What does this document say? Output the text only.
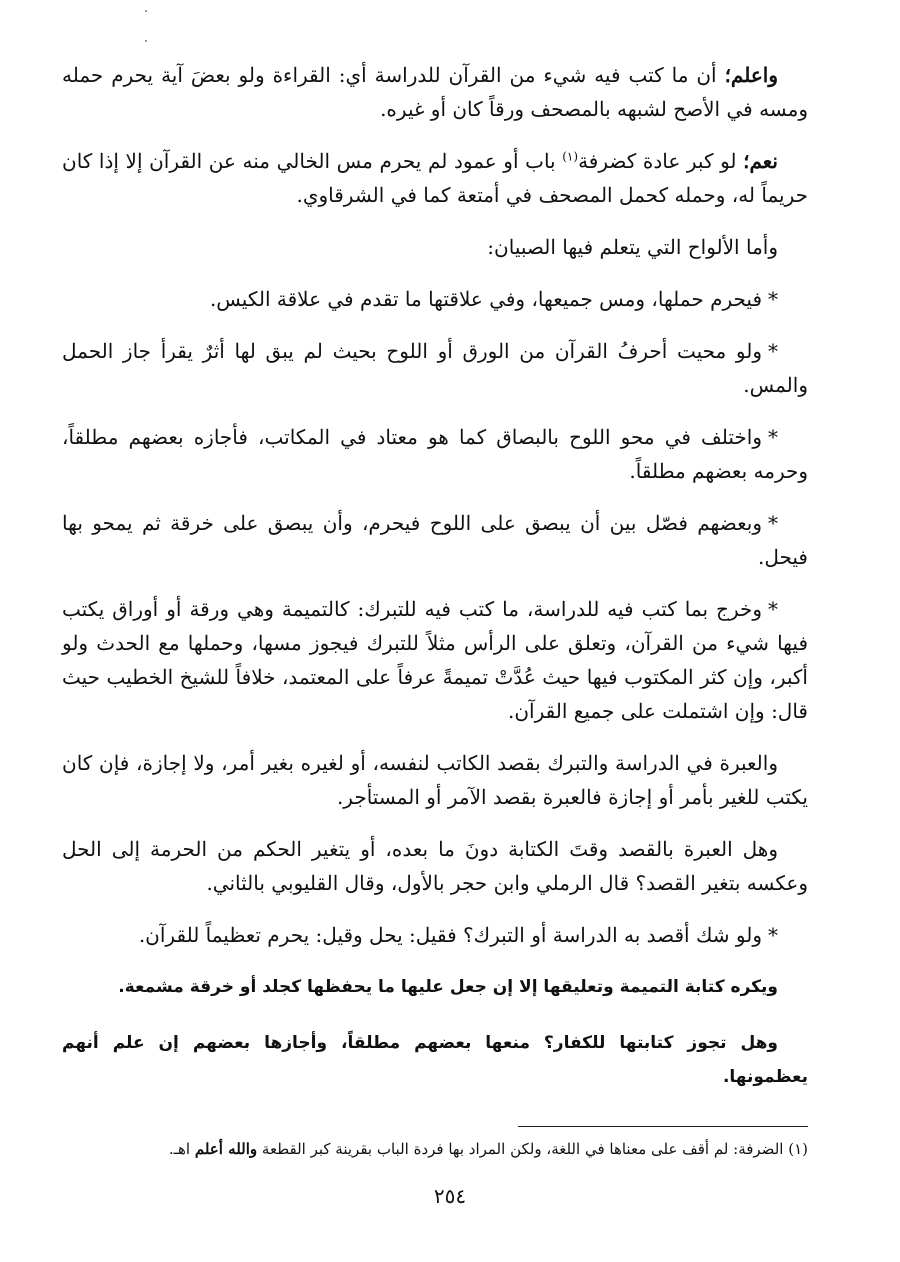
واعلم؛ أن ما كتب فيه شيء من القرآن للدراسة أي: القراءة ولو بعضَ آية يحرم حمله ومسه في الأصح لشبهه بالمصحف ورقاً كان أو غيره.

نعم؛ لو كبر عادة كضرفة$^{(١)}$ باب أو عمود لم يحرم مس الخالي منه عن القرآن إلا إذا كان حريماً له، وحمله كحمل المصحف في أمتعة كما في الشرقاوي.

وأما الألواح التي يتعلم فيها الصبيان:

*فيحرم حملها، ومس جميعها، وفي علاقتها ما تقدم في علاقة الكيس.

*ولو محيت أحرفُ القرآن من الورق أو اللوح بحيث لم يبق لها أثرٌ يقرأ جاز الحمل والمس.

*واختلف في محو اللوح بالبصاق كما هو معتاد في المكاتب، فأجازه بعضهم مطلقاً، وحرمه بعضهم مطلقاً.

*وبعضهم فصّل بين أن يبصق على اللوح فيحرم، وأن يبصق على خرقة ثم يمحو بها فيحل.

*وخرج بما كتب فيه للدراسة، ما كتب فيه للتبرك: كالتميمة وهي ورقة أو أوراق يكتب فيها شيء من القرآن، وتعلق على الرأس مثلاً للتبرك فيجوز مسها، وحملها مع الحدث ولو أكبر، وإن كثر المكتوب فيها حيث عُدَّتْ تميمةً عرفاً على المعتمد، خلافاً للشيخ الخطيب حيث قال: وإن اشتملت على جميع القرآن.

والعبرة في الدراسة والتبرك بقصد الكاتب لنفسه، أو لغيره بغير أمر، ولا إجازة، فإن كان يكتب للغير بأمر أو إجازة فالعبرة بقصد الآمر أو المستأجر.

وهل العبرة بالقصد وقتَ الكتابة دونَ ما بعده، أو يتغير الحكم من الحرمة إلى الحل وعكسه بتغير القصد؟ قال الرملي وابن حجر بالأول، وقال القليوبي بالثاني.

*ولو شك أقصد به الدراسة أو التبرك؟ فقيل: يحل وقيل: يحرم تعظيماً للقرآن.

ويكره كتابة التميمة وتعليقها إلا إن جعل عليها ما يحفظها كجلد أو خرقة مشمعة.

وهل تجوز كتابتها للكفار؟ منعها بعضهم مطلقاً، وأجازها بعضهم إن علم أنهم يعظمونها.

(١) الضرفة: لم أقف على معناها في اللغة، ولكن المراد بها فردة الباب بقرينة كبر القطعة والله أعلم اهـ.
٢٥٤
